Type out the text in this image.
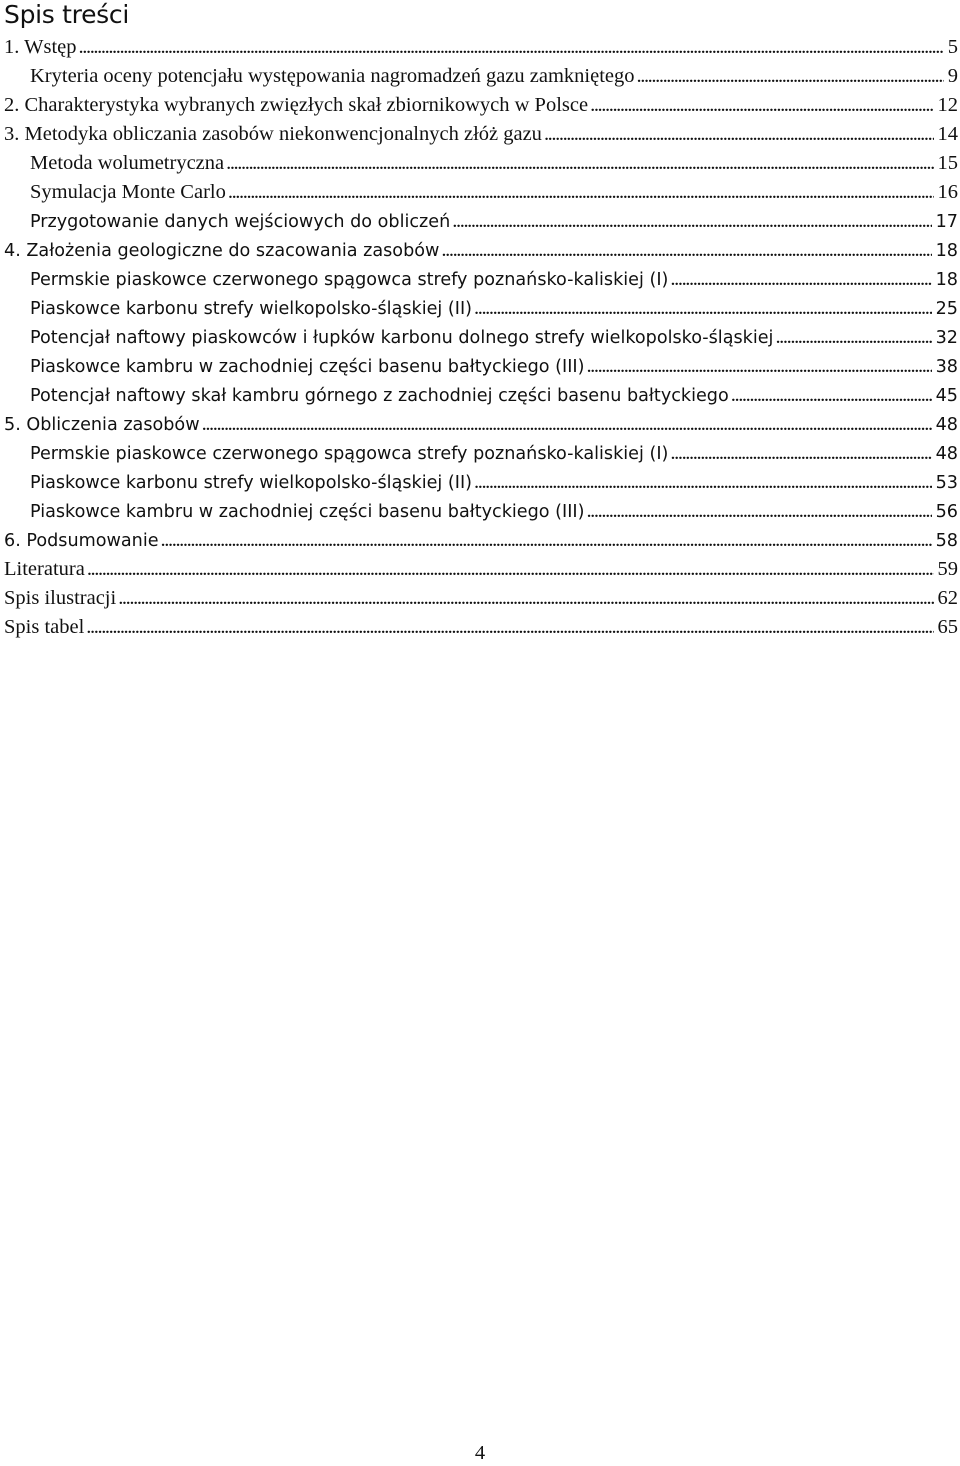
Spis treści
1. Wstęp .....	5
Kryteria oceny potencjału występowania nagromadzeń gazu zamkniętego .....	9
2. Charakterystyka wybranych zwięzłych skał zbiornikowych w Polsce .....	12
3. Metodyka obliczania zasobów niekonwencjonalnych złóż gazu .....	14
Metoda wolumetryczna .....	15
Symulacja Monte Carlo .....	16
Przygotowanie danych wejściowych do obliczeń .....	17
4. Założenia geologiczne do szacowania zasobów .....	18
Permskie piaskowce czerwonego spągowca strefy poznańsko-kaliskiej (I) .....	18
Piaskowce karbonu strefy wielkopolsko-śląskiej (II) .....	25
Potencjał naftowy piaskowców i łupków karbonu dolnego strefy wielkopolsko-śląskiej .....	32
Piaskowce kambru w zachodniej części basenu bałtyckiego (III) .....	38
Potencjał naftowy skał kambru górnego z zachodniej części basenu bałtyckiego .....	45
5. Obliczenia zasobów .....	48
Permskie piaskowce czerwonego spągowca strefy poznańsko-kaliskiej (I) .....	48
Piaskowce karbonu strefy wielkopolsko-śląskiej (II) .....	53
Piaskowce kambru w zachodniej części basenu bałtyckiego (III) .....	56
6. Podsumowanie .....	58
Literatura .....	59
Spis ilustracji .....	62
Spis tabel .....	65

4
